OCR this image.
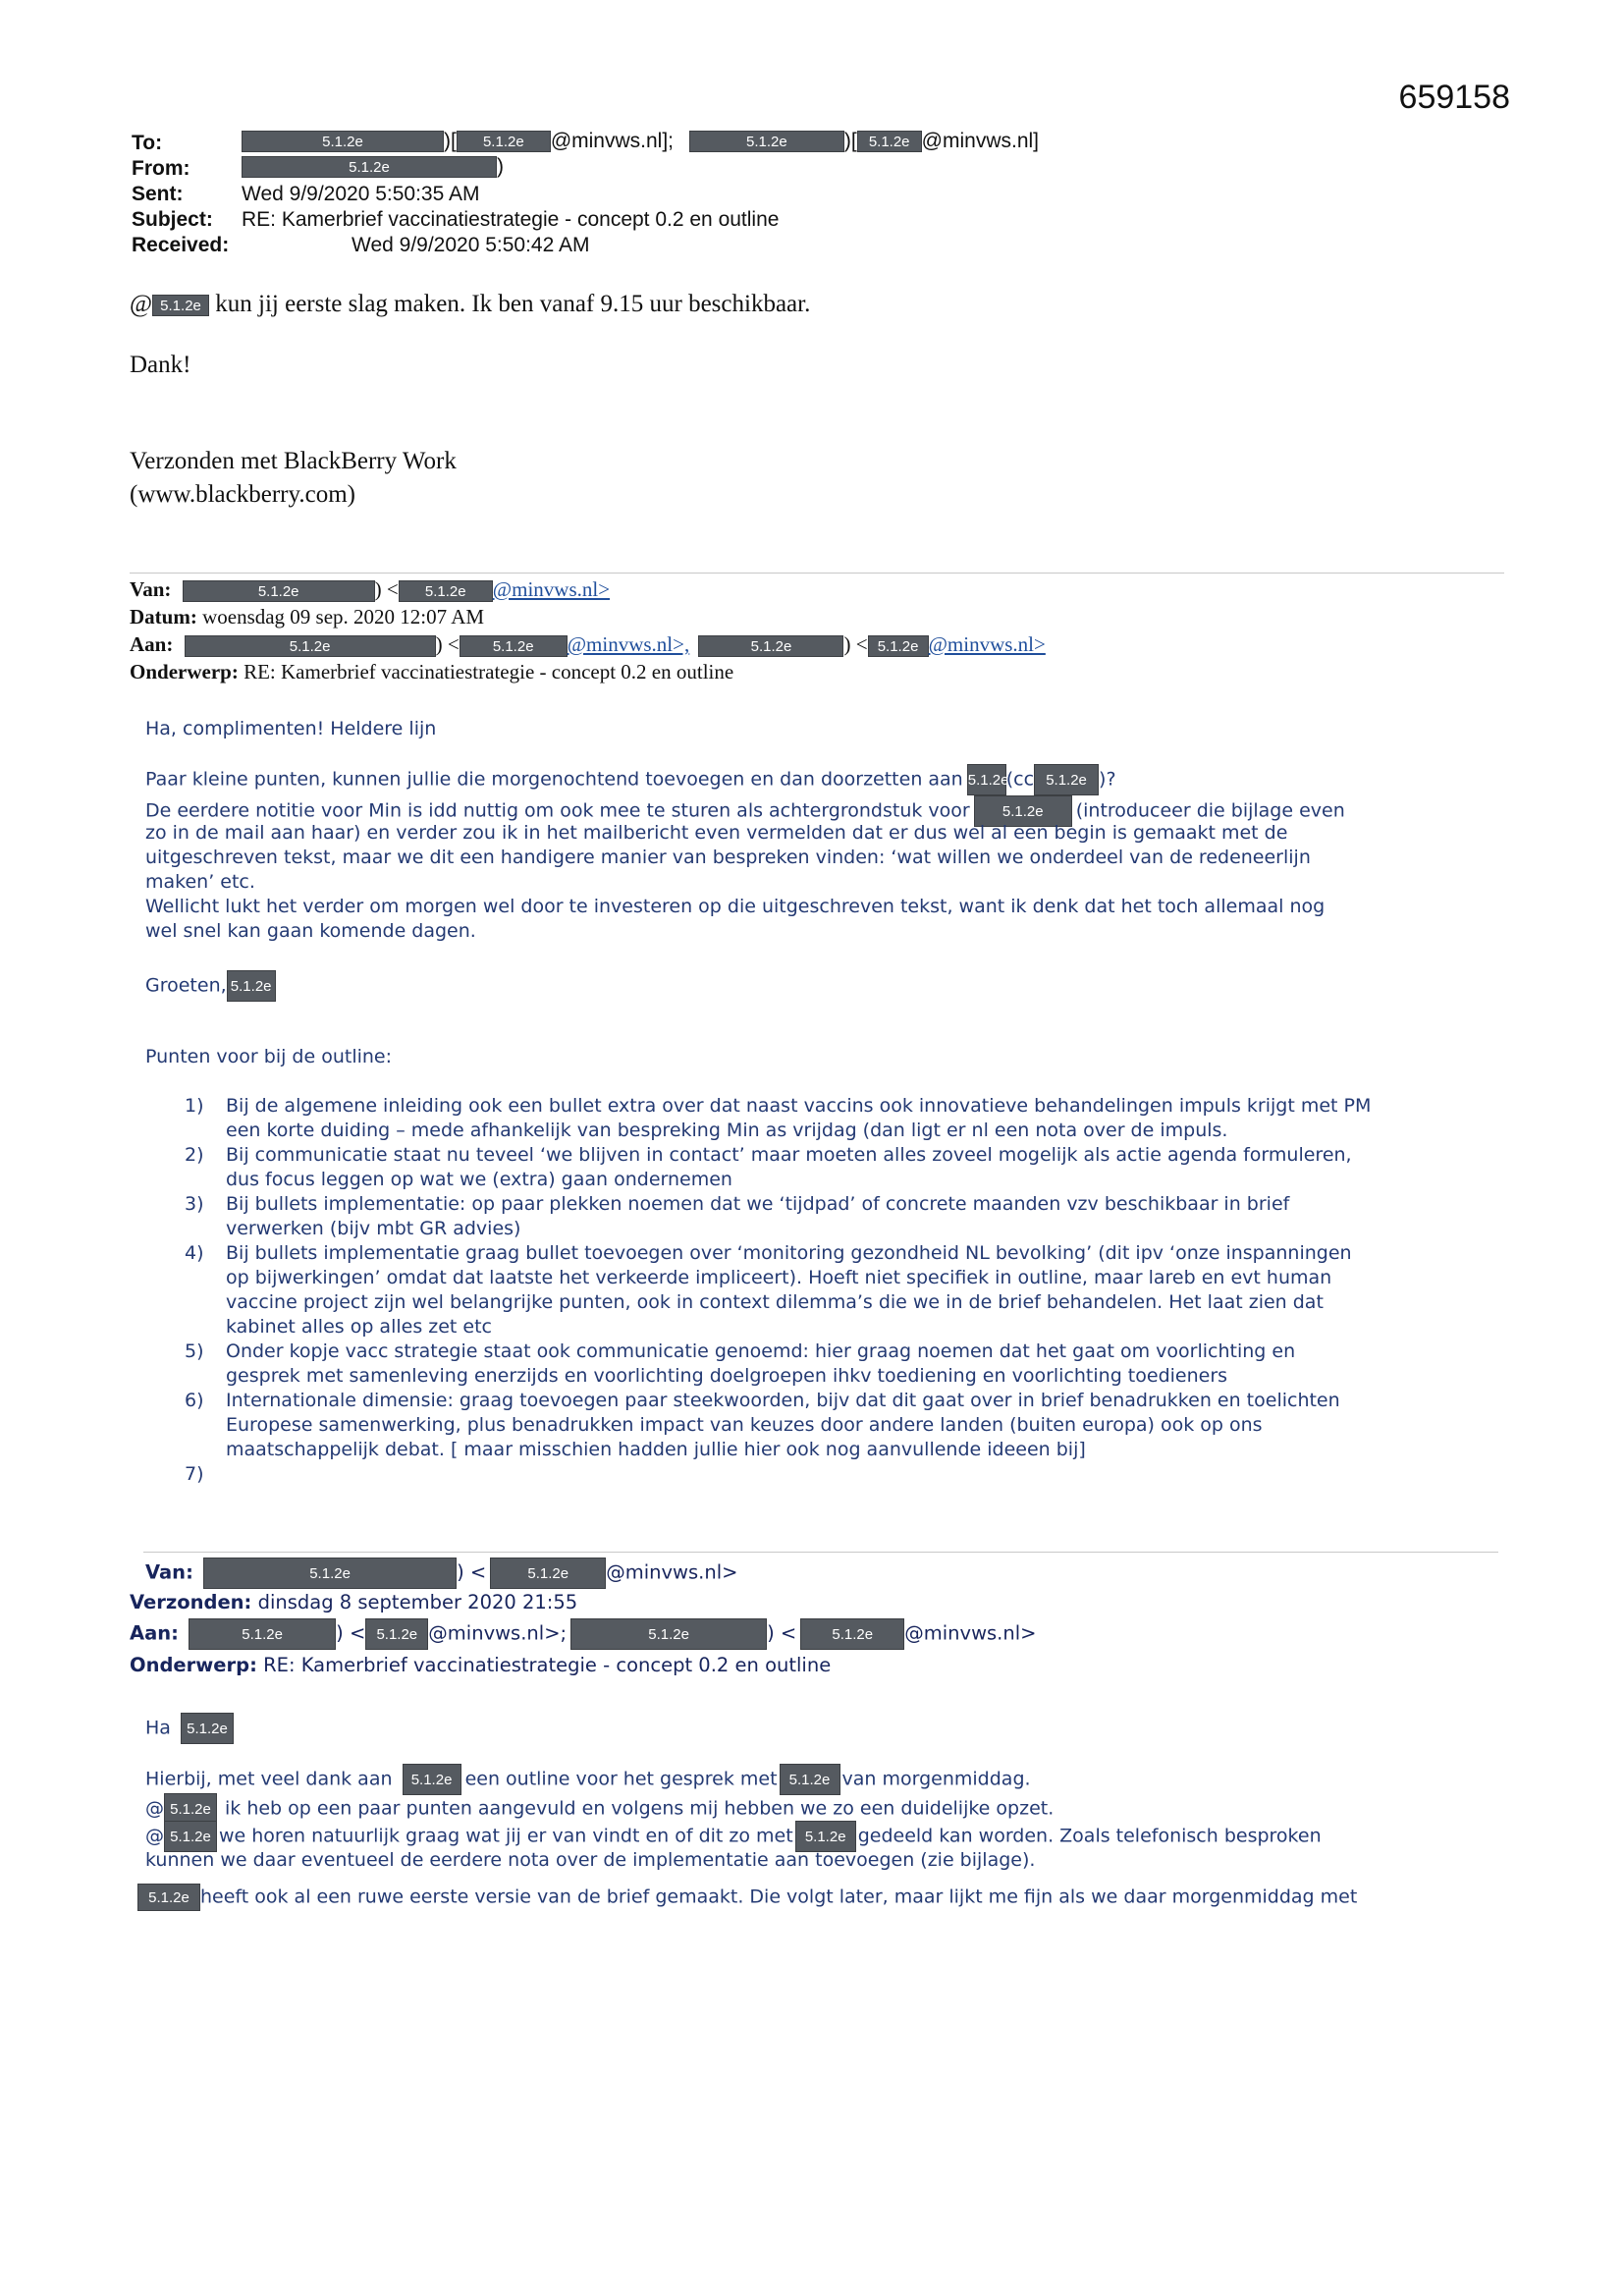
659158
To:	5.1.2e	)[ 5.1.2e @minvws.nl];	5.1.2e	)[ 5.1.2e @minvws.nl]
From:	5.1.2e	)
Sent:	Wed 9/9/2020 5:50:35 AM
Subject: RE: Kamerbrief vaccinatiestrategie - concept 0.2 en outline
Received:	Wed 9/9/2020 5:50:42 AM
@ 5.1.2e kun jij eerste slag maken. Ik ben vanaf 9.15 uur beschikbaar.
Dank!
Verzonden met BlackBerry Work
(www.blackberry.com)
Van:	5.1.2e	) < 5.1.2e @minvws.nl>
Datum: woensdag 09 sep. 2020 12:07 AM
Aan:	5.1.2e	) < 5.1.2e @minvws.nl>,	5.1.2e	) < 5.1.2e @minvws.nl>
Onderwerp: RE: Kamerbrief vaccinatiestrategie - concept 0.2 en outline
Ha, complimenten! Heldere lijn
Paar kleine punten, kunnen jullie die morgenochtend toevoegen en dan doorzetten aan 5.1.2e(cc 5.1.2e )?
De eerdere notitie voor Min is idd nuttig om ook mee te sturen als achtergrondstuk voor 5.1.2e (introduceer die bijlage even
zo in de mail aan haar) en verder zou ik in het mailbericht even vermelden dat er dus wel al een begin is gemaakt met de
uitgeschreven tekst, maar we dit een handigere manier van bespreken vinden: ‘wat willen we onderdeel van de redeneerlijn
maken’ etc.
Wellicht lukt het verder om morgen wel door te investeren op die uitgeschreven tekst, want ik denk dat het toch allemaal nog
wel snel kan gaan komende dagen.
Groeten, 5.1.2e
Punten voor bij de outline:
1) Bij de algemene inleiding ook een bullet extra over dat naast vaccins ook innovatieve behandelingen impuls krijgt met PM

een korte duiding – mede afhankelijk van bespreking Min as vrijdag (dan ligt er nl een nota over de impuls.

2) Bij communicatie staat nu teveel ‘we blijven in contact’ maar moeten alles zoveel mogelijk als actie agenda formuleren,

dus focus leggen op wat we (extra) gaan ondernemen

3) Bij bullets implementatie: op paar plekken noemen dat we ‘tijdpad’ of concrete maanden vzv beschikbaar in brief

verwerken (bijv mbt GR advies)

4) Bij bullets implementatie graag bullet toevoegen over ‘monitoring gezondheid NL bevolking’ (dit ipv ‘onze inspanningen

op bijwerkingen’ omdat dat laatste het verkeerde impliceert). Hoeft niet specifiek in outline, maar lareb en evt human

vaccine project zijn wel belangrijke punten, ook in context dilemma’s die we in de brief behandelen. Het laat zien dat

kabinet alles op alles zet etc

5) Onder kopje vacc strategie staat ook communicatie genoemd: hier graag noemen dat het gaat om voorlichting en

gesprek met samenleving enerzijds en voorlichting doelgroepen ihkv toediening en voorlichting toedieners

6) Internationale dimensie: graag toevoegen paar steekwoorden, bijv dat dit gaat over in brief benadrukken en toelichten

Europese samenwerking, plus benadrukken impact van keuzes door andere landen (buiten europa) ook op ons

maatschappelijk debat. [ maar misschien hadden jullie hier ook nog aanvullende ideeen bij]

7)
Van:	5.1.2e	) <	5.1.2e @minvws.nl>
Verzonden: dinsdag 8 september 2020 21:55
Aan:	5.1.2e	) < 5.1.2e @minvws.nl>;	5.1.2e	) < 5.1.2e @minvws.nl>
Onderwerp: RE: Kamerbrief vaccinatiestrategie - concept 0.2 en outline
Ha 5.1.2e
Hierbij, met veel dank aan 5.1.2e een outline voor het gesprek met 5.1.2e van morgenmiddag.
@ 5.1.2e ik heb op een paar punten aangevuld en volgens mij hebben we zo een duidelijke opzet.
@ 5.1.2e we horen natuurlijk graag wat jij er van vindt en of dit zo met 5.1.2e gedeeld kan worden. Zoals telefonisch besproken
kunnen we daar eventueel de eerdere nota over de implementatie aan toevoegen (zie bijlage).
5.1.2e heeft ook al een ruwe eerste versie van de brief gemaakt. Die volgt later, maar lijkt me fijn als we daar morgenmiddag met
